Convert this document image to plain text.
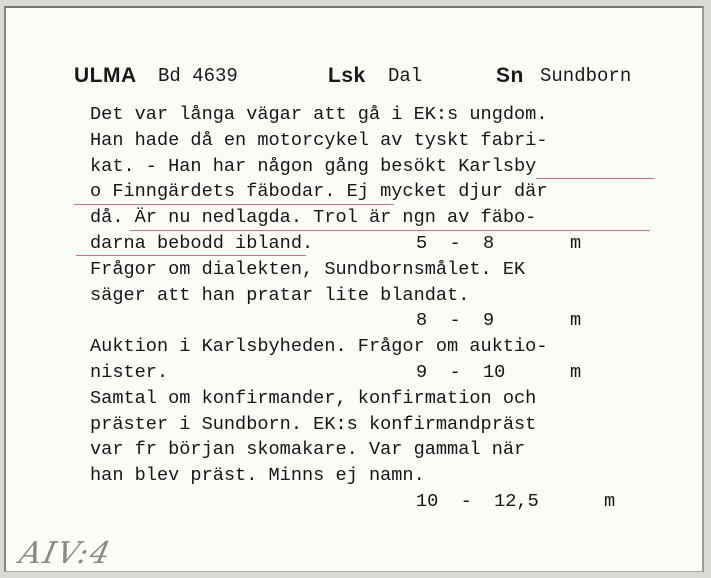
ULMA Bd 4639	Lsk Dal	Sn Sundborn
Det var långa vägar att gå i EK:s ungdom.
Han hade då en motorcykel av tyskt fabri-
kat. - Han har någon gång besökt Karlsby

o Finngärdets fäbodar. Ej mycket djur där

då. Är nu nedlagda. Trol är ngn av fäbo-

darna bebodd ibland.	5  -  8	m

Frågor om dialekten, Sundbornsmålet. EK
säger att han pratar lite blandat.
8  -  9	m
Auktion i Karlsbyheden. Frågor om auktio-
nister.	9  -  10	m
Samtal om konfirmander, konfirmation och
präster i Sundborn. EK:s konfirmandpräst
var fr början skomakare. Var gammal när
han blev präst. Minns ej namn.
10  -  12,5	m
AIV:4
